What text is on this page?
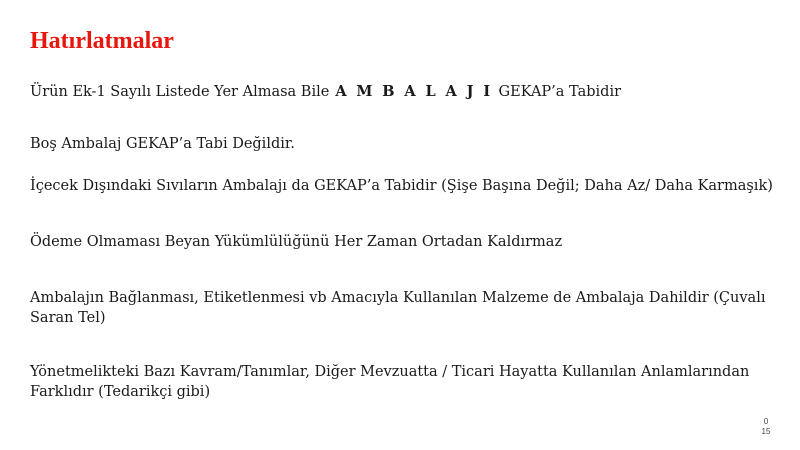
Hatırlatmalar
Ürün Ek-1 Sayılı Listede Yer Almasa Bile A M B A L A J I GEKAP’a Tabidir
Boş Ambalaj GEKAP’a Tabi Değildir.
İçecek Dışındaki Sıvıların Ambalajı da GEKAP’a Tabidir (Şişe Başına Değil; Daha Az/ Daha Karmaşık)
Ödeme Olmaması Beyan Yükümlülüğünü Her Zaman Ortadan Kaldırmaz
Ambalajın Bağlanması, Etiketlenmesi vb Amacıyla Kullanılan Malzeme de Ambalaja Dahildir (Çuvalı Saran Tel)
Yönetmelikteki Bazı Kavram/Tanımlar, Diğer Mevzuatta / Ticari Hayatta Kullanılan Anlamlarından Farklıdır (Tedarikçi gibi)
0
15
